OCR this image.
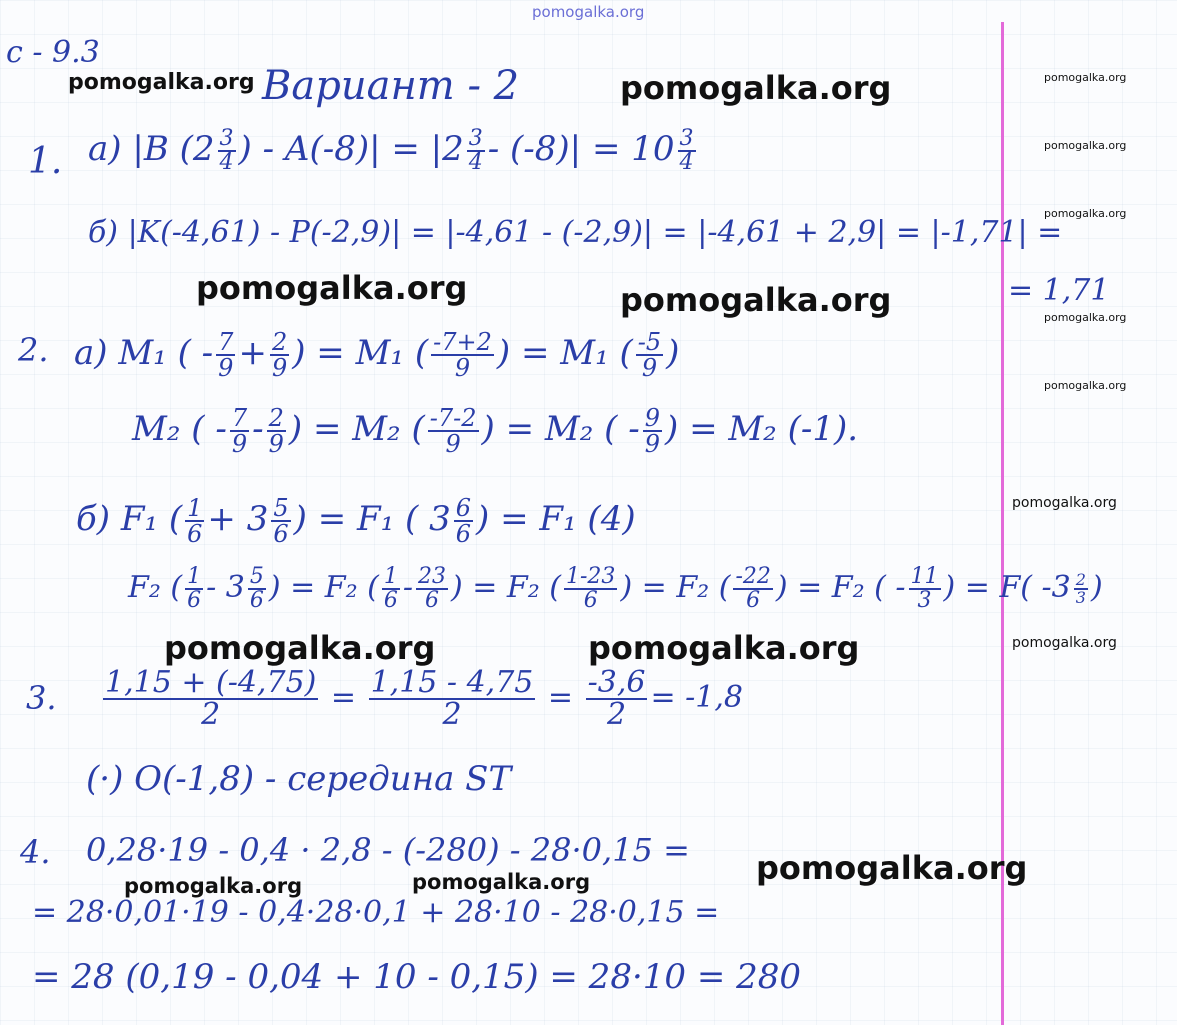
с - 9.3
Вариант - 2
1. а) |B ($2 \frac{3}{4}$ ) - $A(-8)| = |2 \frac{3}{4} - (-8)| = 10 \frac{3}{4}$
б) |K(-4,61) - P(-2,9)| = |-4,61 - (-2,9)| = |-4,61 + 2,9| = |-1,71| =
= 1,71
2. а) M₁ ( - $\frac{7}{9} + \frac{2}{9}$ ) = M₁ ( $\frac{-7+2}{9}$ ) = M₁ ( $\frac{-5}{9}$ )
M₂ ( - $\frac{7}{9} - \frac{2}{9}$ ) = M₂ ( $\frac{-7-2}{9}$ ) = M₂ ( - $\frac{9}{9}$ ) = M₂ (-1).
б) F₁ ( $\frac{1}{6} + 3 \frac{5}{6}$ ) = F₁ ( $3 \frac{6}{6}$ ) = F₁ (4)
F₂ ( $\frac{1}{6} - 3 \frac{5}{6}$ ) = F₂ ( $\frac{1}{6} - \frac{23}{6}$ ) = F₂ ( $\frac{1-23}{6}$ ) = F₂ ( $\frac{-22}{6}$ ) = F₂ ( - $\frac{11}{3}$ ) = F( $-3 \frac{2}{3}$ )
3. $\frac{1,15 + (-4,75)}{2} = \frac{1,15 - 4,75}{2} = \frac{-3,6}{2} = -1,8$
(·) O(-1,8) - середина ST
4. 0,28·19 - 0,4 · 2,8 - (-280) - 28·0,15 =
= 28·0,01·19 - 0,4·28·0,1 + 28·10 - 28·0,15 =
= 28 (0,19 - 0,04 + 10 - 0,15) = 28·10 = 280
pomogalka.org
pomogalka.org	pomogalka.org
pomogalka.org	pomogalka.org
pomogalka.org	pomogalka.org
pomogalka.org
pomogalka.org	pomogalka.org
pomogalka.org
pomogalka.org
pomogalka.org
pomogalka.org
pomogalka.org
pomogalka.org
pomogalka.org
